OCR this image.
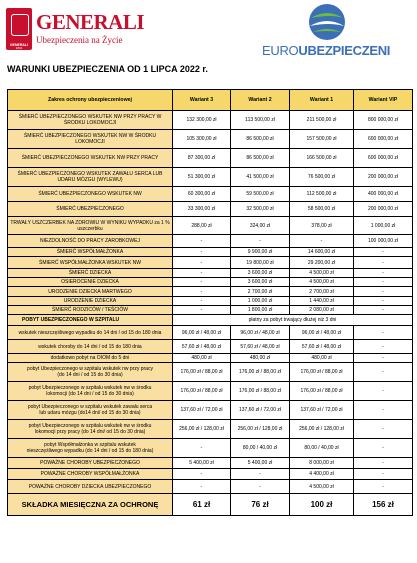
GENERALI
1831
GENERALI
Ubezpieczenia na Życie
EUROUBEZPIECZENI
WARUNKI UBEZPIECZENIA OD 1 LIPCA 2022 r.
Zakres ochrony ubezpieczeniowej	Wariant 3	Wariant 2	Wariant 1	Wariant VIP
ŚMIERĆ UBEZPIECZONEGO WSKUTEK NW PRZY PRACY W ŚRODKU LOKOMOCJI	132 300,00 zł	113 500,00 zł	211 500,00 zł	800 000,00 zł
ŚMIERĆ UBEZPIECZONEGO WSKUTEK NW W ŚRODKU LOKOMOCJI	105 300,00 zł	86 500,00 zł	157 500,00 zł	600 000,00 zł
ŚMIERĆ UBEZPIECZONEGO WSKUTEK NW PRZY PRACY	87 300,00 zł	86 500,00 zł	166 500,00 zł	600 000,00 zł
ŚMIERĆ UBEZPIECZONEGO WSKUTEK ZAWAŁU SERCA LUB UDARU MÓZGU (WYLEWU)	51 300,00 zł	41 500,00 zł	76 500,00 zł	200 000,00 zł
ŚMIERĆ UBEZPIECZONEGO WSKUTEK NW	60 300,00 zł	59 500,00 zł	112 500,00 zł	400 000,00 zł
ŚMIERĆ UBEZPIECZONEGO	33 300,00 zł	32 500,00 zł	58 500,00 zł	200 000,00 zł
TRWAŁY USZCZERBEK NA ZDROWIU W WYNIKU WYPADKU za 1 % uszczerbku	288,00 zł	324,00 zł	378,00 zł	1 000,00 zł
NIEZDOLNOŚĆ DO PRACY ZAROBKOWEJ	-	-	-	100 000,00 zł
ŚMIERĆ WSPÓŁMAŁŻONKA	-	9 900,00 zł	14 600,00 zł	-
ŚMIERĆ WSPÓŁMAŁŻONKA WSKUTEK NW	-	19 800,00 zł	29 200,00 zł	-
ŚMIERĆ DZIECKA	-	3 600,00 zł	4 500,00 zł	-
OSIEROCENIE DZIECKA	-	3 600,00 zł	4 500,00 zł	-
URODZENIE DZIECKA MARTWEGO	-	2 700,00 zł	2 700,00 zł	-
URODZENIE DZIECKA	-	1 000,00 zł	1 440,00 zł	-
ŚMIERĆ RODZICÓW / TEŚCIÓW	-	1 800,00 zł	2 080,00 zł	-
POBYT UBEZPIECZONEGO W SZPITALU	płatny za pobyt trwający dłużej niż 3 dni			
wskutek nieszczęśliwego wypadku do 14 dni / od 15 do 180 dnia	96,00 zł / 48,00 zł	96,00 zł / 48,00 zł	96,00 zł / 48,00 zł	-
wskutek choroby do 14 dni / od 15 do 180 dnia	57,60 zł / 48,00 zł	57,60 zł / 48,00 zł	57,60 zł / 48,00 zł	-
dodatkowo pobyt na OIOM do 5 dni	480,00 zł	480,00 zł	480,00 zł	-
pobyt Ubezpieczonego w szpitalu wskutek nw przy pracy
(do 14 dni / od 15 do 30 dnia)	176,00 zł / 88,00 zł	176,00 zł / 88,00 zł	176,00 zł / 88,00 zł	-
pobyt Ubezpieczonego w szpitalu wskutek nw w środku
lokomocji (do 14 dni / od 15 do 30 dnia)	176,00 zł / 88,00 zł	176,00 zł / 88,00 zł	176,00 zł / 88,00 zł	-
pobyt Ubezpieczonego w szpitalu wskutek zawału serca
lub udaru mózgu (do14 dni/ od 15 do 30 dnia)	137,60 zł / 72,00 zł	137,60 zł / 72,00 zł	137,60 zł / 72,00 zł	-
pobyt Ubezpieczonego w szpitalu wskutek nw w środku
lokomocji przy pracy (do 14 dni/ od 15 do 30 dnia)	256,00 zł / 128,00 zł	256,00 zł / 128,00 zł	256,00 zł / 128,00 zł	-
pobyt Współmałżonka w szpitalu wskutek
nieszczęśliwego wypadku (do 14 dni / od 15 do 180 dnia)	-	80,00 / 40,00 zł	80,00 / 40,00 zł	-
POWAŻNE CHOROBY UBEZPIECZONEGO	5 400,00 zł	5 400,00 zł	8 000,00 zł	-
POWAŻNE CHOROBY WSPÓŁMAŁŻONKA	-	-	4 400,00 zł	-
POWAŻNE CHOROBY DZIECKA UBEZPIECZONEGO	-	-	4 500,00 zł	-
SKŁADKA MIESIĘCZNA ZA OCHRONĘ	61 zł	76 zł	100 zł	156 zł
